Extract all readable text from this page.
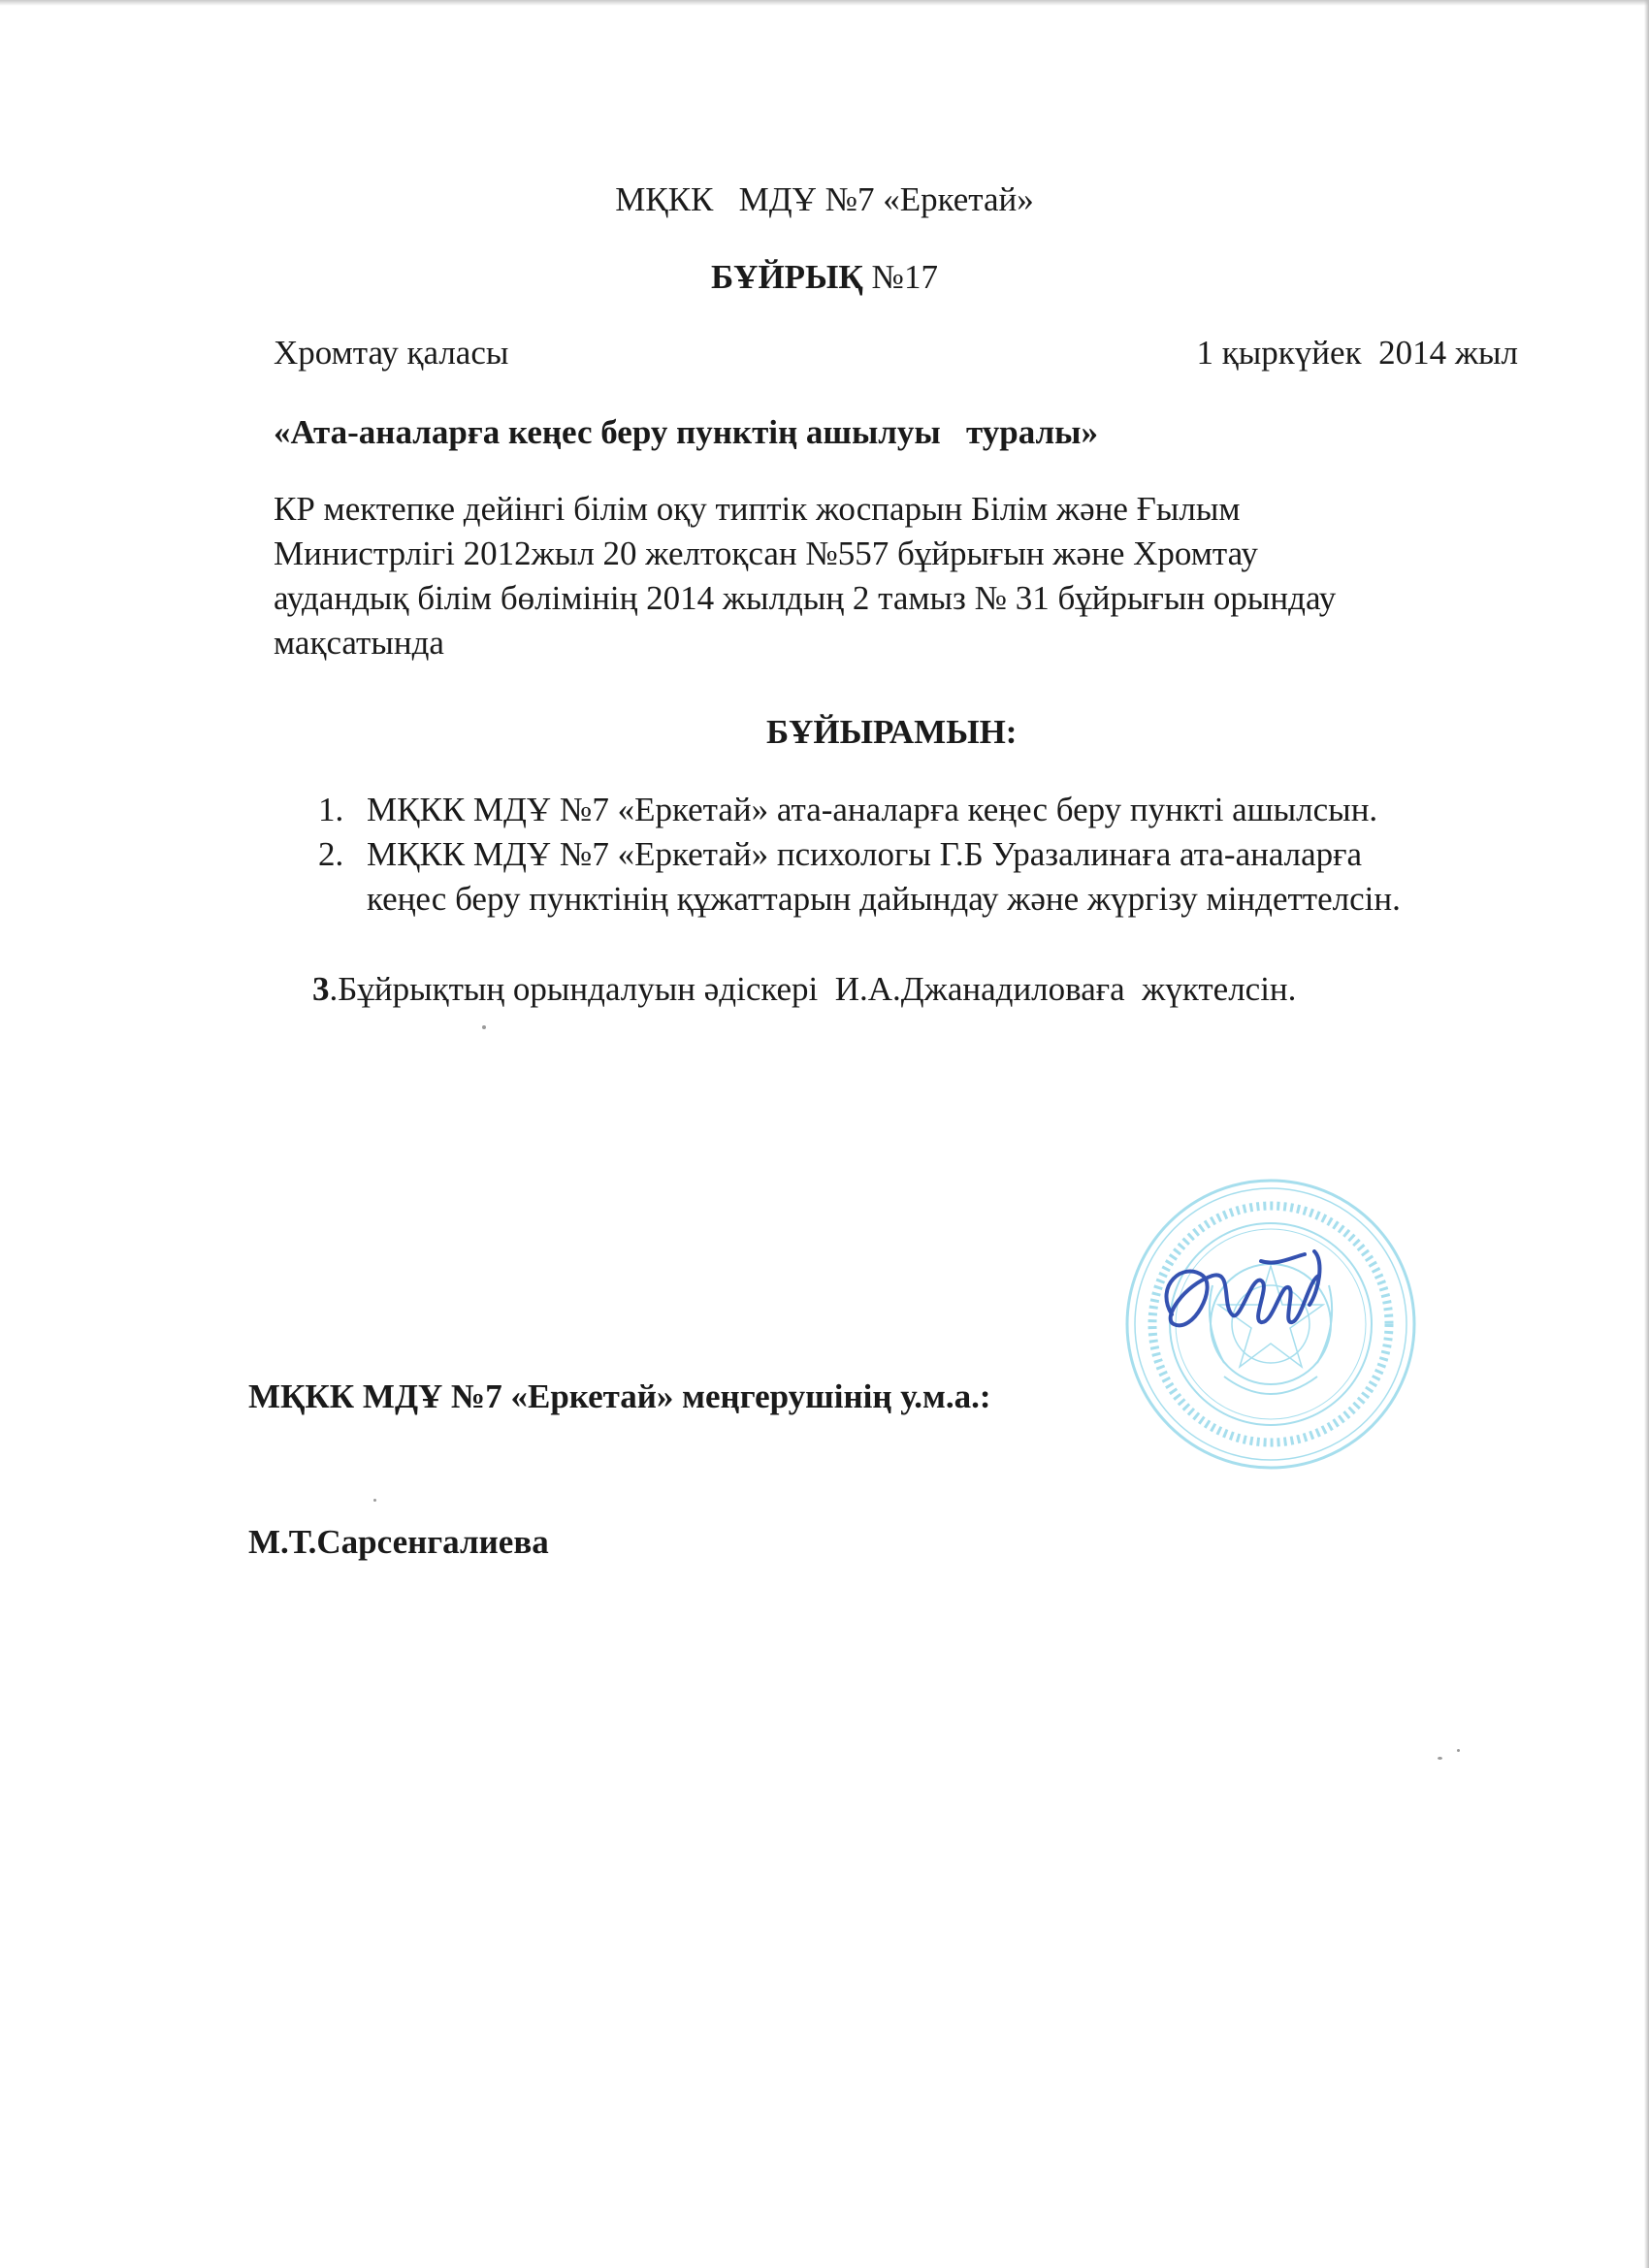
МҚКК   МДҰ №7 «Еркетай»
БҰЙРЫҚ №17
Хромтау қаласы	1 қыркүйек  2014 жыл
«Ата-аналарға кеңес беру пунктің ашылуы   туралы»
КР мектепке дейінгі білім оқу типтік жоспарын Білім және Ғылым
Министрлігі 2012жыл 20 желтоқсан №557 бұйрығын және Хромтау
аудандық білім бөлімінің 2014 жылдың 2 тамыз № 31 бұйрығын орындау
мақсатында
БҰЙЫРАМЫН:
1. МҚКК МДҰ №7 «Еркетай» ата-аналарға кеңес беру пункті ашылсын.
2. МҚКК МДҰ №7 «Еркетай» психологы Г.Б Уразалинаға ата-аналарға
кеңес беру пунктінің құжаттарын дайындау және жүргізу міндеттелсін.
3.Бұйрықтың орындалуын әдіскері  И.А.Джанадиловаға  жүктелсін.

МҚКК МДҰ №7 «Еркетай» меңгерушінің у.м.а.:

М.Т.Сарсенгалиева
